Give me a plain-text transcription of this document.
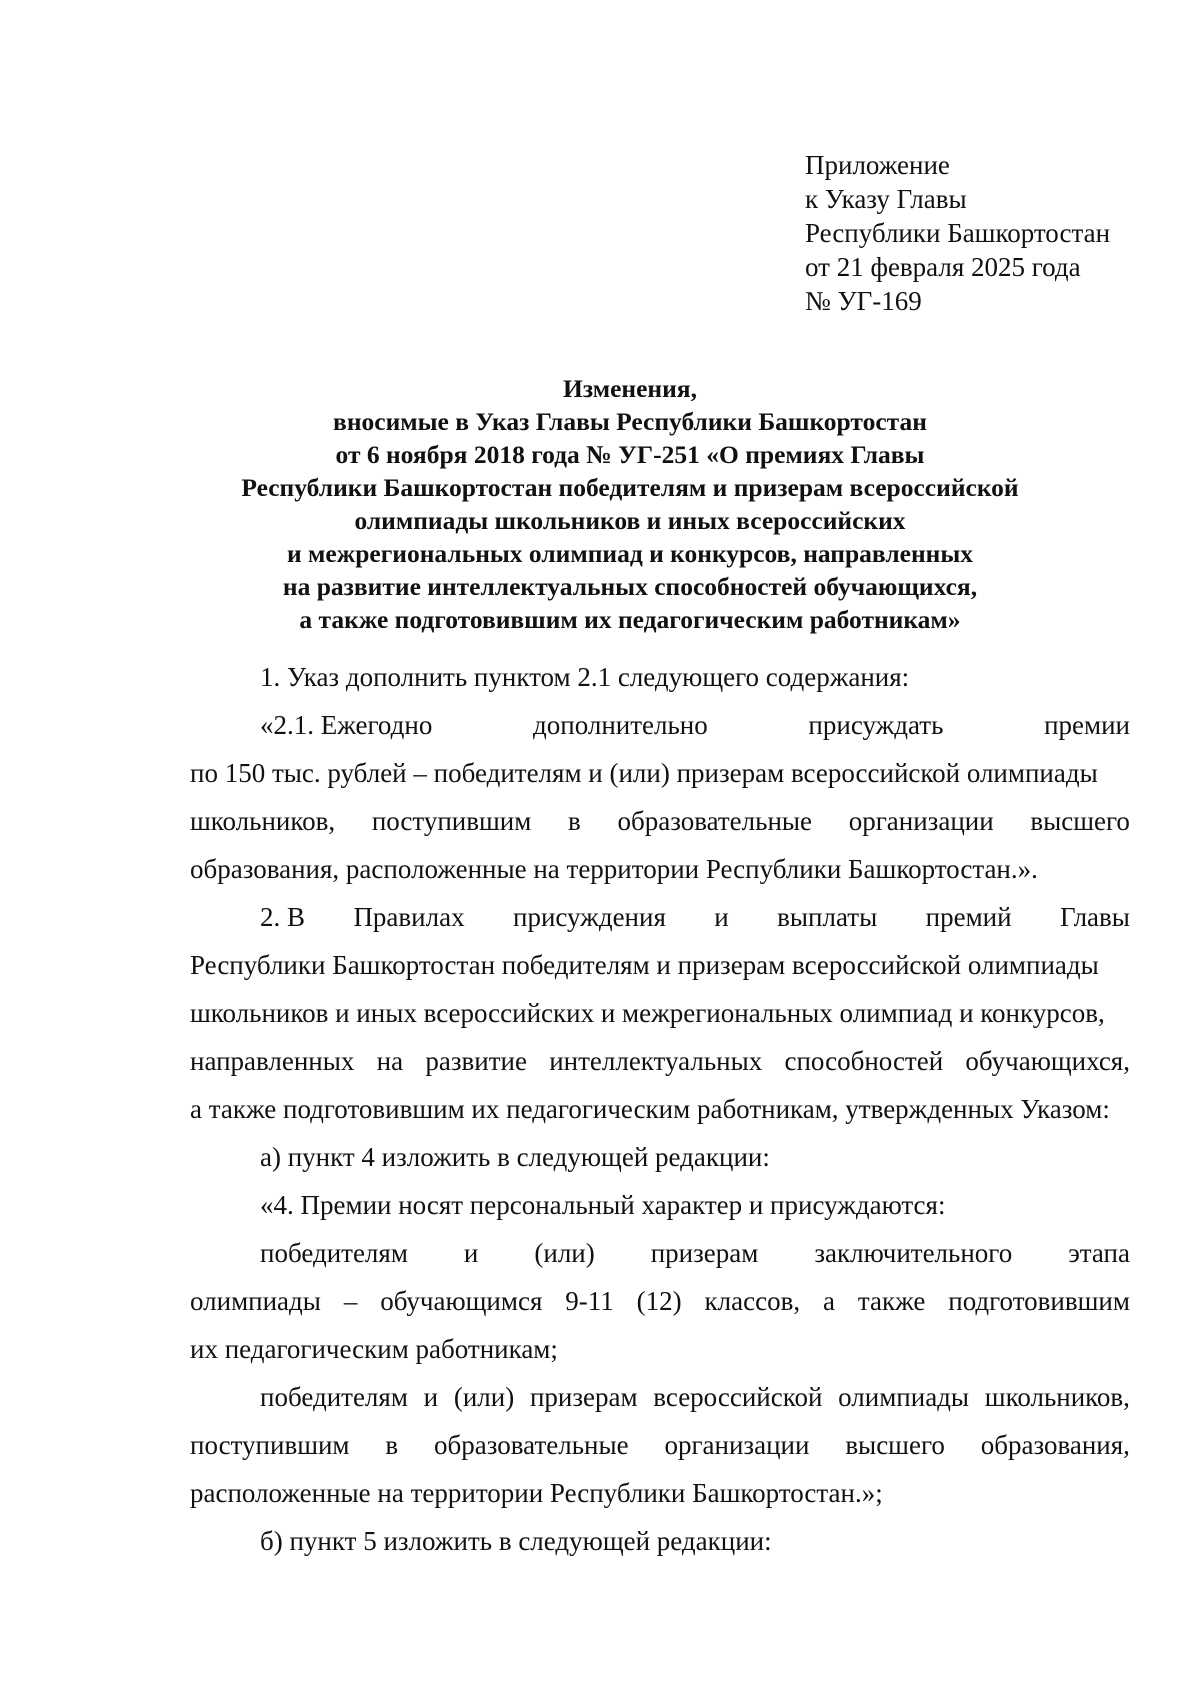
Приложение
к Указу Главы
Республики Башкортостан
от 21 февраля 2025 года
№ УГ-169
Изменения,
вносимые в Указ Главы Республики Башкортостан
от 6 ноября 2018 года № УГ-251 «О премиях Главы
Республики Башкортостан победителям и призерам всероссийской
олимпиады школьников и иных всероссийских
и межрегиональных олимпиад и конкурсов, направленных
на развитие интеллектуальных способностей обучающихся,
а также подготовившим их педагогическим работникам»
1. Указ дополнить пунктом 2.1 следующего содержания:
«2.1. Ежегодно	дополнительно	присуждать	премии
по 150 тыс. рублей – победителям и (или) призерам всероссийской олимпиады
школьников, поступившим в образовательные организации высшего
образования, расположенные на территории Республики Башкортостан.».
2. В Правилах присуждения и выплаты премий Главы
Республики Башкортостан победителям и призерам всероссийской олимпиады
школьников и иных всероссийских и межрегиональных олимпиад и конкурсов,
направленных на развитие интеллектуальных способностей обучающихся,
а также подготовившим их педагогическим работникам, утвержденных Указом:
а) пункт 4 изложить в следующей редакции:
«4. Премии носят персональный характер и присуждаются:
победителям и (или) призерам заключительного этапа
олимпиады – обучающимся 9-11 (12) классов, а также подготовившим
их педагогическим работникам;
победителям и (или) призерам всероссийской олимпиады школьников,
поступившим в образовательные организации высшего образования,
расположенные на территории Республики Башкортостан.»;
б) пункт 5 изложить в следующей редакции:
